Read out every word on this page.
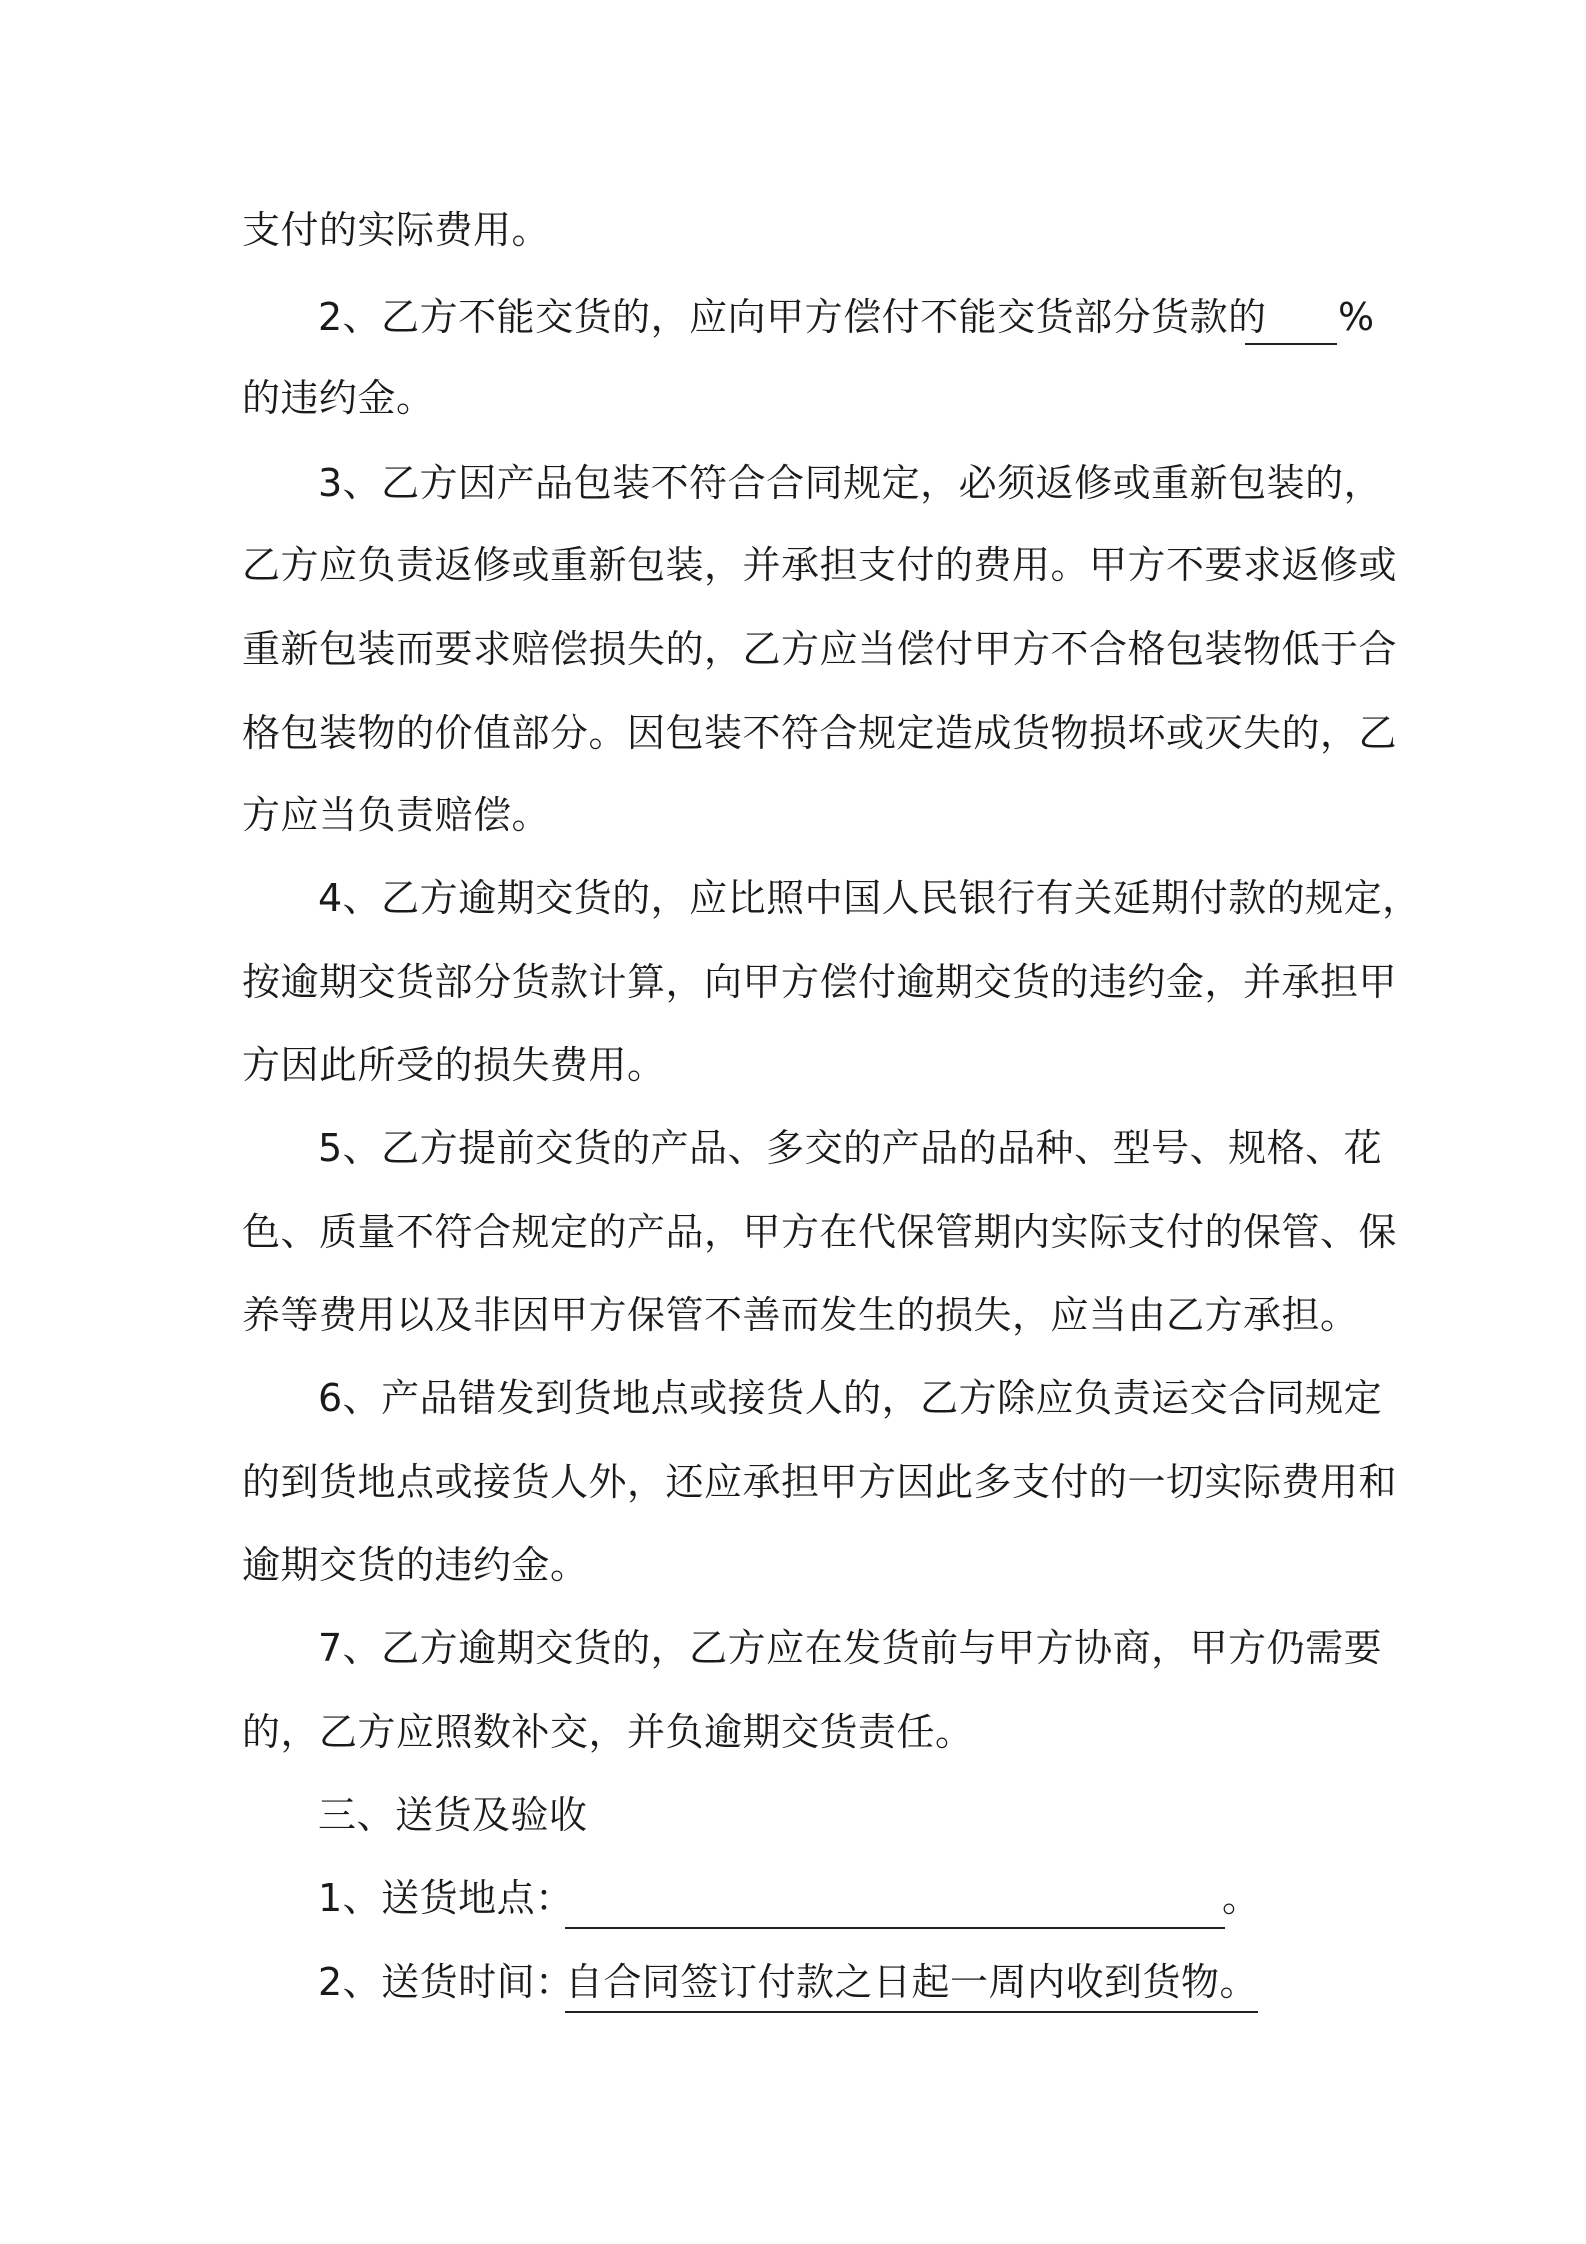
支付的实际费用。
2、乙方不能交货的，应向甲方偿付不能交货部分货款的 %
的违约金。
3、乙方因产品包装不符合合同规定，必须返修或重新包装的，
乙方应负责返修或重新包装，并承担支付的费用。甲方不要求返修或
重新包装而要求赔偿损失的，乙方应当偿付甲方不合格包装物低于合
格包装物的价值部分。因包装不符合规定造成货物损坏或灭失的，乙
方应当负责赔偿。
4、乙方逾期交货的，应比照中国人民银行有关延期付款的规定，
按逾期交货部分货款计算，向甲方偿付逾期交货的违约金，并承担甲
方因此所受的损失费用。
5、乙方提前交货的产品、多交的产品的品种、型号、规格、花
色、质量不符合规定的产品，甲方在代保管期内实际支付的保管、保
养等费用以及非因甲方保管不善而发生的损失，应当由乙方承担。
6、产品错发到货地点或接货人的，乙方除应负责运交合同规定
的到货地点或接货人外，还应承担甲方因此多支付的一切实际费用和
逾期交货的违约金。
7、乙方逾期交货的，乙方应在发货前与甲方协商，甲方仍需要
的，乙方应照数补交，并负逾期交货责任。
三、送货及验收
1、送货地点：	。
2、送货时间：
自合同签订付款之日起一周内收到货物。
